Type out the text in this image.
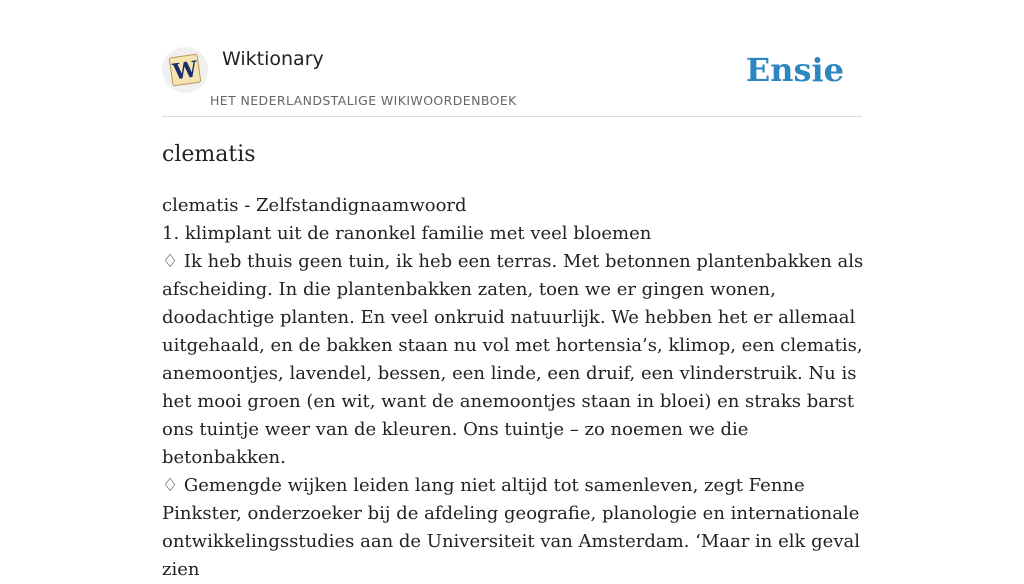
W Wiktionary
HET NEDERLANDSTALIGE WIKIWOORDENBOEK
Ensie
clematis

clematis - Zelfstandignaamwoord

1. klimplant uit de ranonkel familie met veel bloemen

♢ Ik heb thuis geen tuin, ik heb een terras. Met betonnen plantenbakken als afscheiding. In die plantenbakken zaten, toen we er gingen wonen, doodachtige planten. En veel onkruid natuurlijk. We hebben het er allemaal uitgehaald, en de bakken staan nu vol met hortensia’s, klimop, een clematis, anemoontjes, lavendel, bessen, een linde, een druif, een vlinderstruik. Nu is het mooi groen (en wit, want de anemoontjes staan in bloei) en straks barst ons tuintje weer van de kleuren. Ons tuintje – zo noemen we die betonbakken.

♢ Gemengde wijken leiden lang niet altijd tot samenleven, zegt Fenne Pinkster, onderzoeker bij de afdeling geografie, planologie en internationale ontwikkelingsstudies aan de Universiteit van Amsterdam. ‘Maar in elk geval zien
